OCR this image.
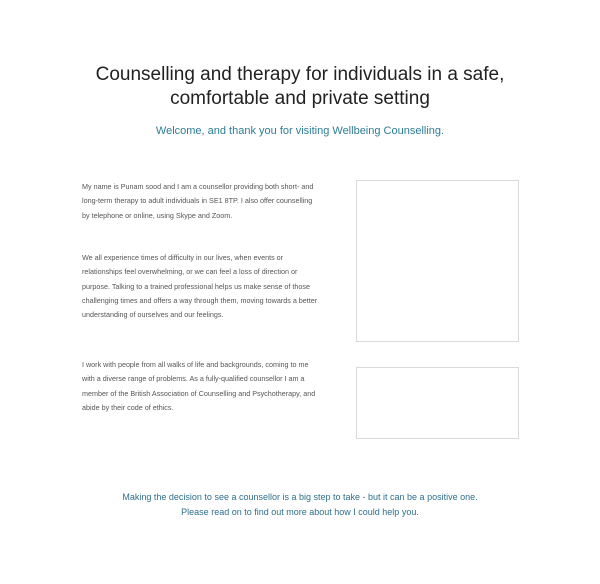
Counselling and therapy for individuals in a safe,
comfortable and private setting

Welcome, and thank you for visiting Wellbeing Counselling.

My name is Punam sood and I am a counsellor providing both short- and long-term therapy to adult individuals in SE1 8TP. I also offer counselling by telephone or online, using Skype and Zoom.

We all experience times of difficulty in our lives, when events or relationships feel overwhelming, or we can feel a loss of direction or purpose. Talking to a trained professional helps us make sense of those challenging times and offers a way through them, moving towards a better understanding of ourselves and our feelings.

I work with people from all walks of life and backgrounds, coming to me with a diverse range of problems. As a fully-qualified counsellor I am a member of the British Association of Counselling and Psychotherapy, and abide by their code of ethics.

Making the decision to see a counsellor is a big step to take - but it can be a positive one.
Please read on to find out more about how I could help you.
